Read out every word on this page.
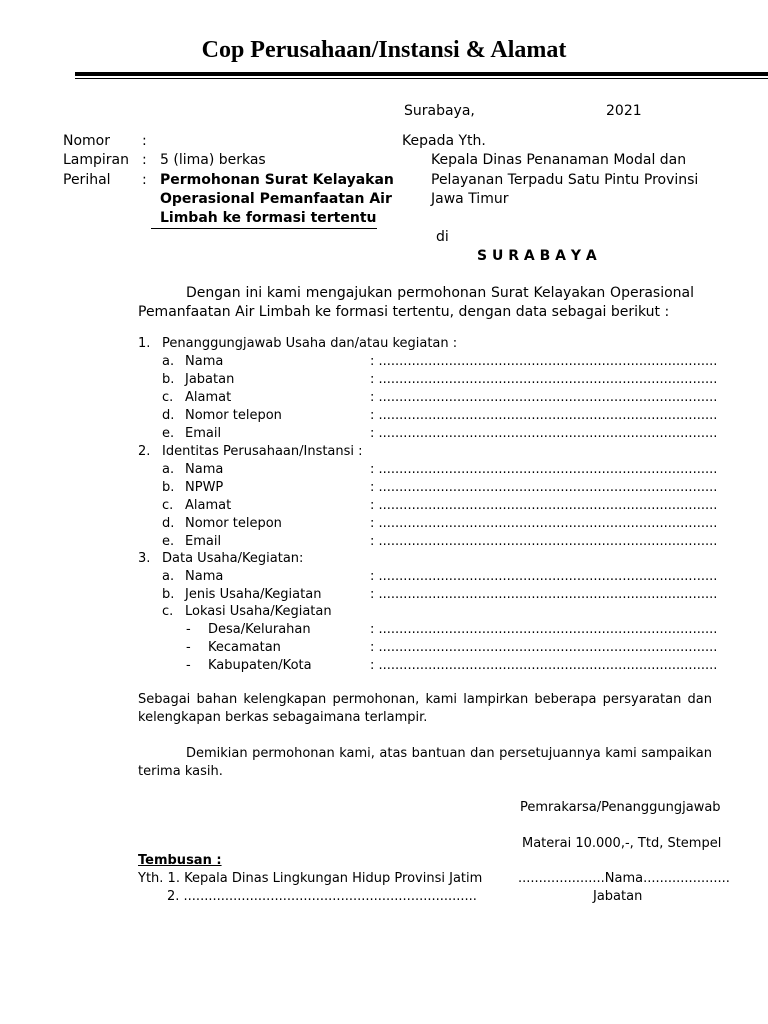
Cop Perusahaan/Instansi & Alamat
Surabaya,	2021
Nomor :
Lampiran : 5 (lima) berkas
Perihal : Permohonan Surat Kelayakan
Operasional Pemanfaatan Air
Limbah ke formasi tertentu
Kepada Yth.
Kepala Dinas Penanaman Modal dan
Pelayanan Terpadu Satu Pintu Provinsi
Jawa Timur
di
S U R A B A Y A
Dengan ini kami mengajukan permohonan Surat Kelayakan Operasional
Pemanfaatan Air Limbah ke formasi tertentu, dengan data sebagai berikut :
1. Penanggungjawab Usaha dan/atau kegiatan :
a. Nama	: ..................................................................................
b. Jabatan	: ..................................................................................
c. Alamat	: ..................................................................................
d. Nomor telepon	: ..................................................................................
e. Email	: ..................................................................................
2. Identitas Perusahaan/Instansi :
a. Nama	: ..................................................................................
b. NPWP	: ..................................................................................
c. Alamat	: ..................................................................................
d. Nomor telepon	: ..................................................................................
e. Email	: ..................................................................................
3. Data Usaha/Kegiatan:
a. Nama	: ..................................................................................
b. Jenis Usaha/Kegiatan	: ..................................................................................
c. Lokasi Usaha/Kegiatan
- Desa/Kelurahan	: ..................................................................................
- Kecamatan	: ..................................................................................
- Kabupaten/Kota	: ..................................................................................
Sebagai bahan kelengkapan permohonan, kami lampirkan beberapa persyaratan dan
kelengkapan berkas sebagaimana terlampir.
Demikian permohonan kami, atas bantuan dan persetujuannya kami sampaikan
terima kasih.
Pemrakarsa/Penanggungjawab
Materai 10.000,-, Ttd, Stempel
.....................Nama.....................
Jabatan
Tembusan :
Yth. 1. Kepala Dinas Lingkungan Hidup Provinsi Jatim
2. .......................................................................
